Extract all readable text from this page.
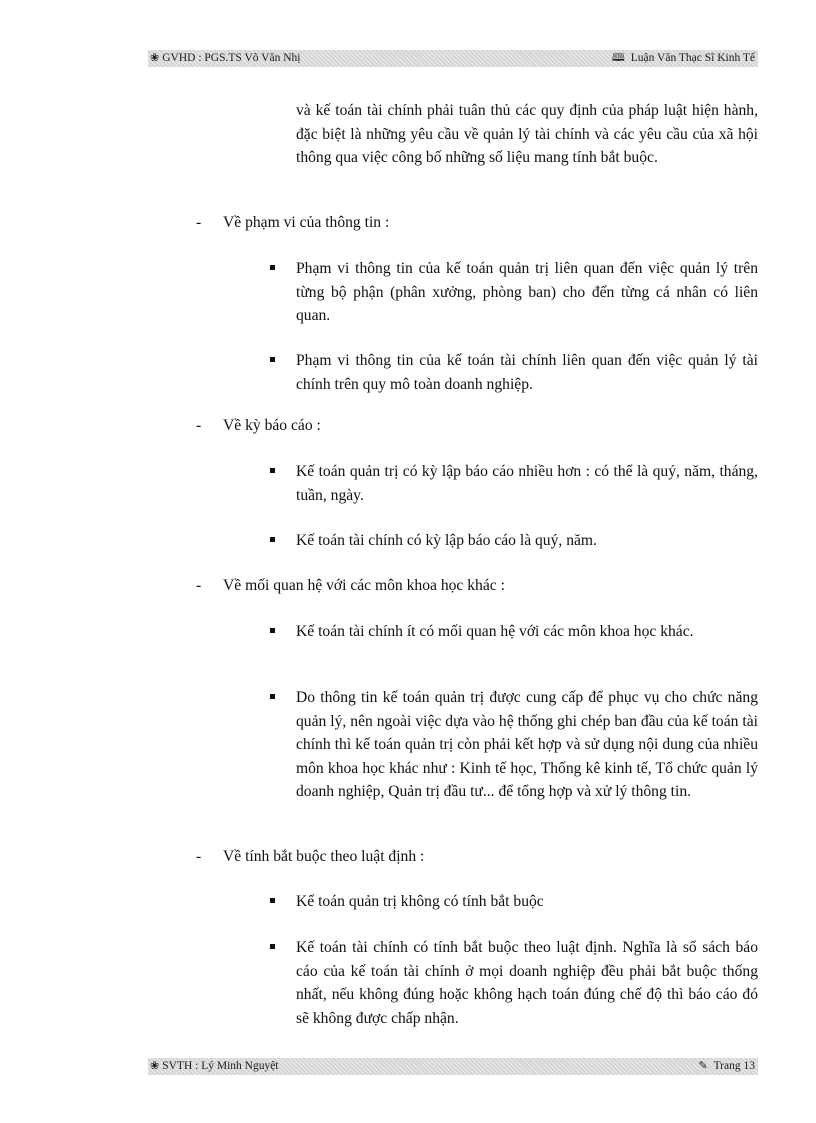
❀ GVHD : PGS.TS Võ Văn Nhị	🕮 Luận Văn Thạc Sĩ Kinh Tế
và kế toán tài chính phải tuân thủ các quy định của pháp luật hiện hành, đặc biệt là những yêu cầu về quản lý tài chính và các yêu cầu của xã hội thông qua việc công bố những số liệu mang tính bắt buộc.
- Về phạm vi của thông tin :
Phạm vi thông tin của kế toán quản trị liên quan đến việc quản lý trên từng bộ phận (phân xưởng, phòng ban) cho đến từng cá nhân có liên quan.
Phạm vi thông tin của kế toán tài chính liên quan đến việc quản lý tài chính trên quy mô toàn doanh nghiệp.
- Về kỳ báo cáo :
Kế toán quản trị có kỳ lập báo cáo nhiều hơn : có thể là quý, năm, tháng, tuần, ngày.
Kế toán tài chính có kỳ lập báo cáo là quý, năm.
- Về mối quan hệ với các môn khoa học khác :
Kế toán tài chính ít có mối quan hệ với các môn khoa học khác.
Do thông tin kế toán quản trị được cung cấp để phục vụ cho chức năng quản lý, nên ngoài việc dựa vào hệ thống ghi chép ban đầu của kế toán tài chính thì kế toán quản trị còn phải kết hợp và sử dụng nội dung của nhiều môn khoa học khác như : Kinh tế học, Thống kê kinh tế, Tổ chức quản lý doanh nghiệp, Quản trị đầu tư... để tổng hợp và xử lý thông tin.
- Về tính bắt buộc theo luật định :
Kế toán quản trị không có tính bắt buộc
Kế toán tài chính có tính bắt buộc theo luật định. Nghĩa là sổ sách báo cáo của kế toán tài chính ở mọi doanh nghiệp đều phải bắt buộc thống nhất, nếu không đúng hoặc không hạch toán đúng chế độ thì báo cáo đó sẽ không được chấp nhận.
❀ SVTH : Lý Minh Nguyệt	✎ Trang 13
